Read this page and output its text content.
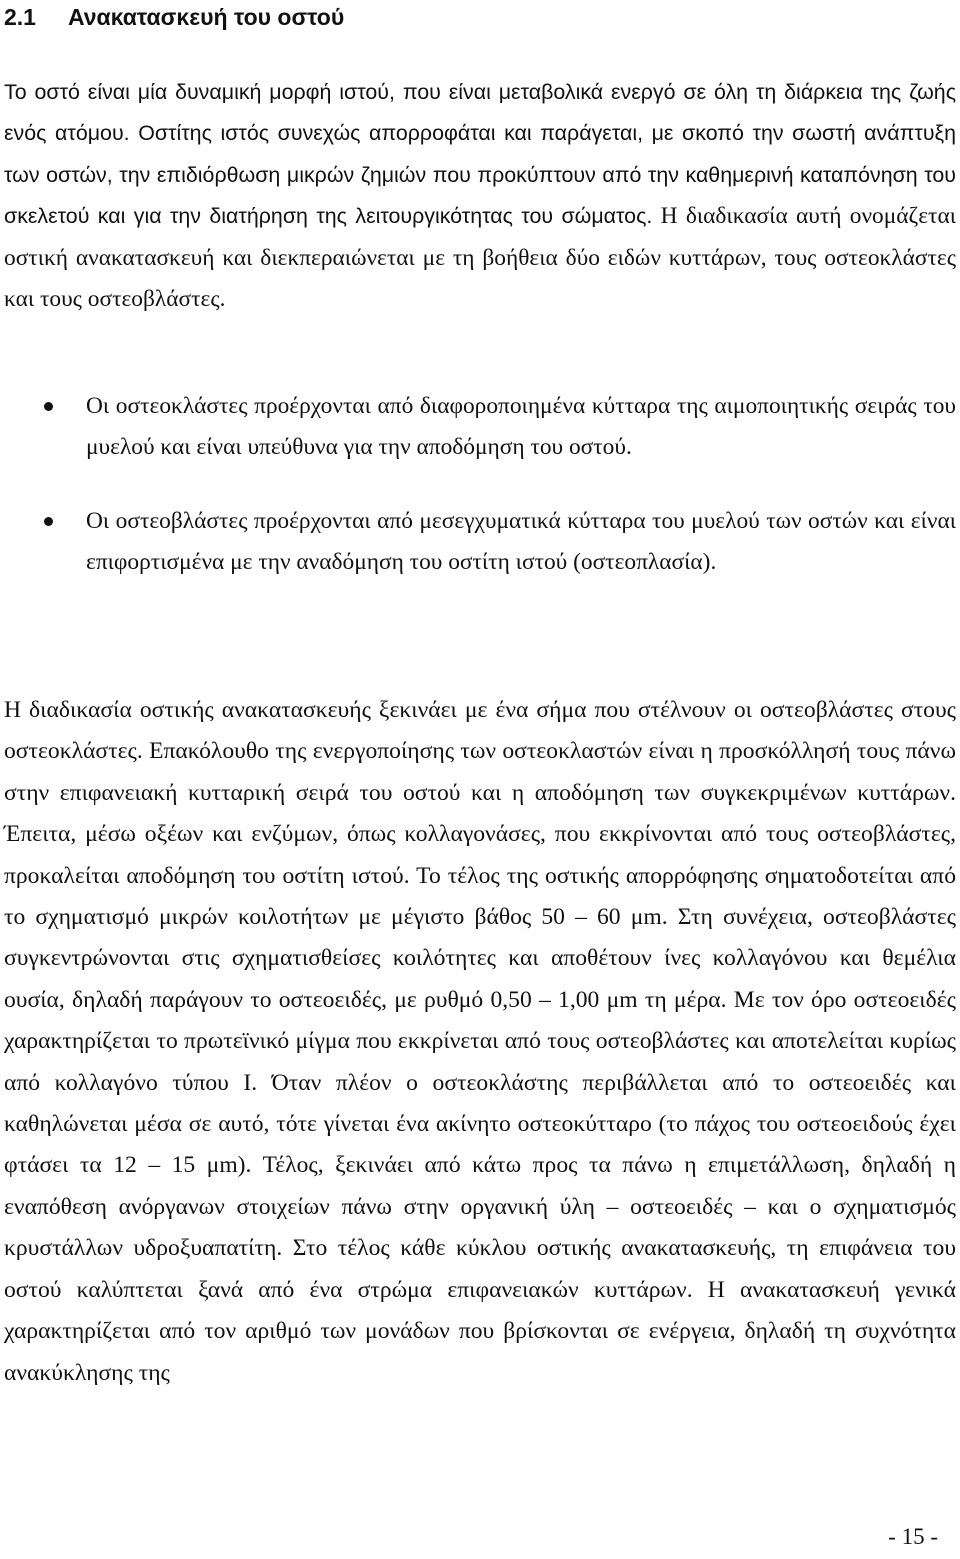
2.1 Ανακατασκευή του οστού

Το οστό είναι μία δυναμική μορφή ιστού, που είναι μεταβολικά ενεργό σε όλη τη διάρκεια της ζωής ενός ατόμου. Οστίτης ιστός συνεχώς απορροφάται και παράγεται, με σκοπό την σωστή ανάπτυξη των οστών, την επιδιόρθωση μικρών ζημιών που προκύπτουν από την καθημερινή καταπόνηση του σκελετού και για την διατήρηση της λειτουργικότητας του σώματος. Η διαδικασία αυτή ονομάζεται οστική ανακατασκευή και διεκπεραιώνεται με τη βοήθεια δύο ειδών κυττάρων, τους οστεοκλάστες και τους οστεοβλάστες.

Οι οστεοκλάστες προέρχονται από διαφοροποιημένα κύτταρα της αιμοποιητικής σειράς του μυελού και είναι υπεύθυνα για την αποδόμηση του οστού.
Οι οστεοβλάστες προέρχονται από μεσεγχυματικά κύτταρα του μυελού των οστών και είναι επιφορτισμένα με την αναδόμηση του οστίτη ιστού (οστεοπλασία).

Η διαδικασία οστικής ανακατασκευής ξεκινάει με ένα σήμα που στέλνουν οι οστεοβλάστες στους οστεοκλάστες. Επακόλουθο της ενεργοποίησης των οστεοκλαστών είναι η προσκόλλησή τους πάνω στην επιφανειακή κυτταρική σειρά του οστού και η αποδόμηση των συγκεκριμένων κυττάρων. Έπειτα, μέσω οξέων και ενζύμων, όπως κολλαγονάσες, που εκκρίνονται από τους οστεοβλάστες, προκαλείται αποδόμηση του οστίτη ιστού. Το τέλος της οστικής απορρόφησης σηματοδοτείται από το σχηματισμό μικρών κοιλοτήτων με μέγιστο βάθος 50 – 60 μm. Στη συνέχεια, οστεοβλάστες συγκεντρώνονται στις σχηματισθείσες κοιλότητες και αποθέτουν ίνες κολλαγόνου και θεμέλια ουσία, δηλαδή παράγουν το οστεοειδές, με ρυθμό 0,50 – 1,00 μm τη μέρα. Με τον όρο οστεοειδές χαρακτηρίζεται το πρωτεϊνικό μίγμα που εκκρίνεται από τους οστεοβλάστες και αποτελείται κυρίως από κολλαγόνο τύπου Ι. Όταν πλέον ο οστεοκλάστης περιβάλλεται από το οστεοειδές και καθηλώνεται μέσα σε αυτό, τότε γίνεται ένα ακίνητο οστεοκύτταρο (το πάχος του οστεοειδούς έχει φτάσει τα 12 – 15 μm). Τέλος, ξεκινάει από κάτω προς τα πάνω η επιμετάλλωση, δηλαδή η εναπόθεση ανόργανων στοιχείων πάνω στην οργανική ύλη – οστεοειδές – και ο σχηματισμός κρυστάλλων υδροξυαπατίτη. Στο τέλος κάθε κύκλου οστικής ανακατασκευής, τη επιφάνεια του οστού καλύπτεται ξανά από ένα στρώμα επιφανειακών κυττάρων. Η ανακατασκευή γενικά χαρακτηρίζεται από τον αριθμό των μονάδων που βρίσκονται σε ενέργεια, δηλαδή τη συχνότητα ανακύκλησης της

- 15 -
